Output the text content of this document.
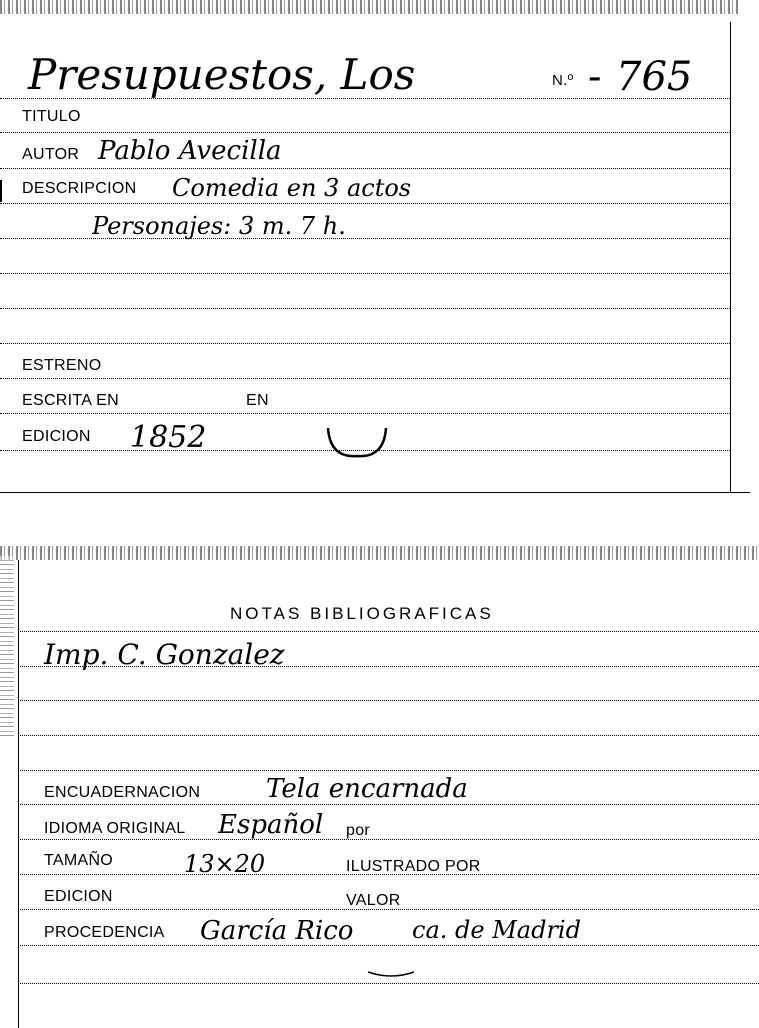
Presupuestos, Los	N.º - 765
TITULO
AUTOR Pablo Avecilla
DESCRIPCION Comedia en 3 actos
Personajes: 3 m. 7 h.
ESTRENO
ESCRITA EN	EN
EDICION 1852
NOTAS BIBLIOGRAFICAS
Imp. C. Gonzalez
ENCUADERNACION	Tela encarnada
IDIOMA ORIGINAL Español por
TAMAÑO	13×20	ILUSTRADO POR
EDICION	VALOR
PROCEDENCIA García Rico ca. de Madrid
